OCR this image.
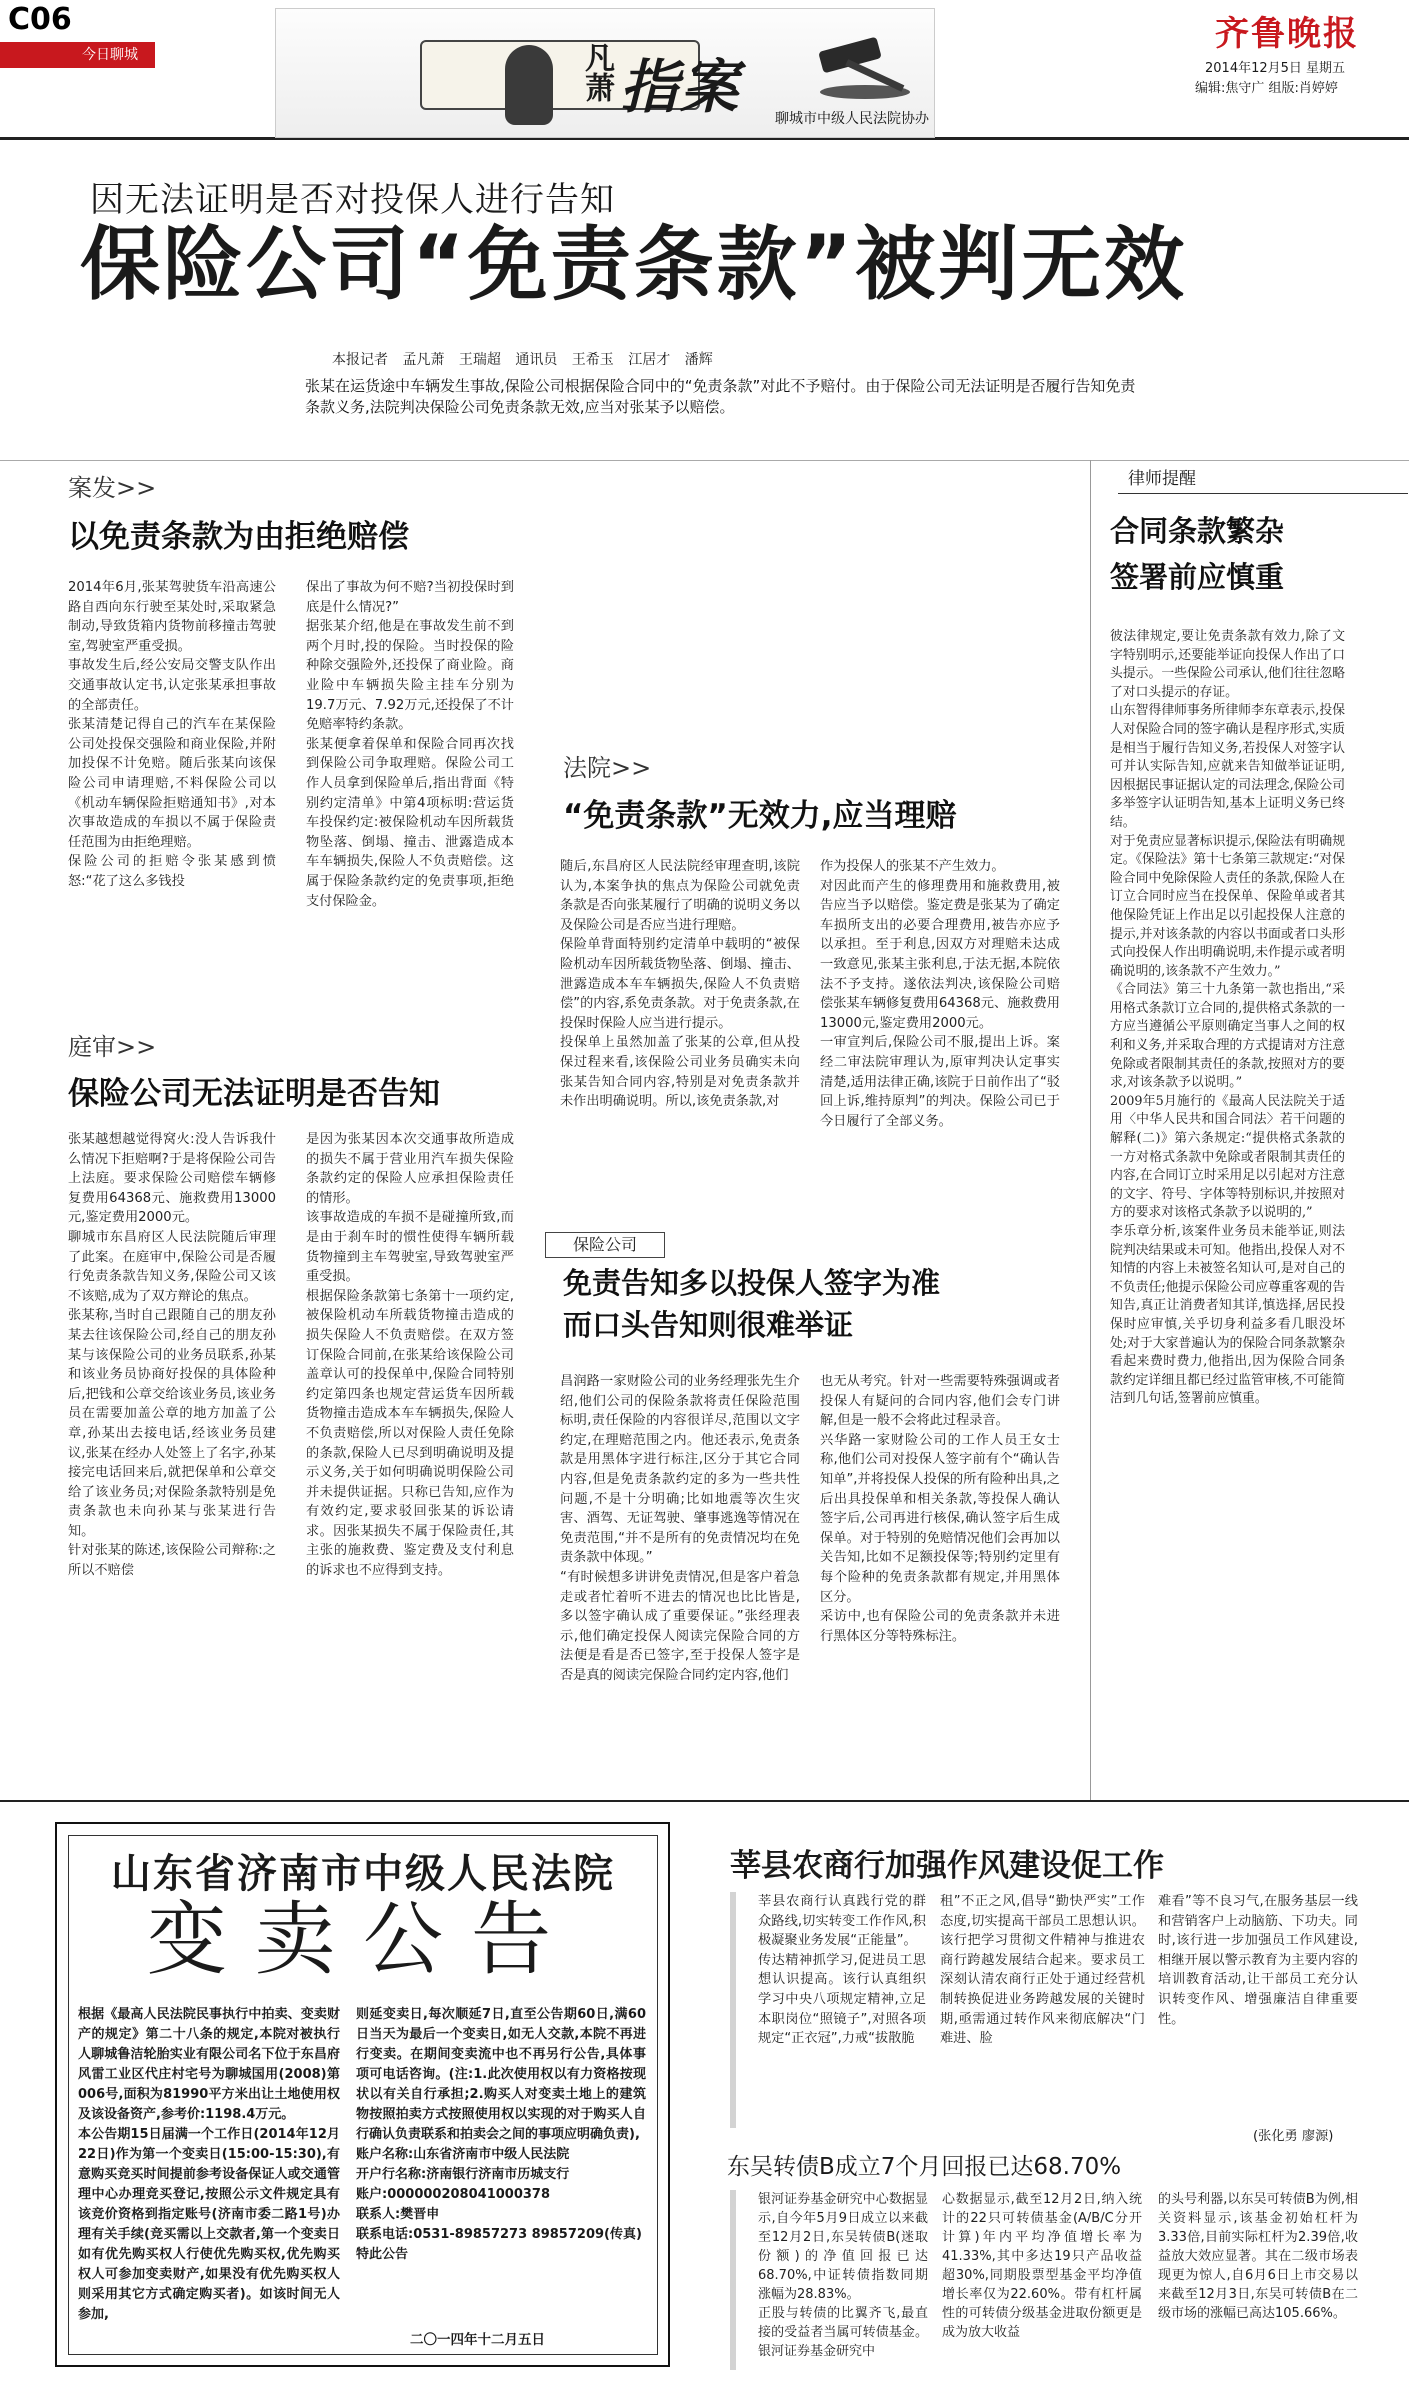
C06
今日聊城	凡萧 指案 聊城市中级人民法院协办
齐鲁晚报
2014年12月5日 星期五
编辑:焦守广 组版:肖婷婷
因无法证明是否对投保人进行告知
保险公司“免责条款”被判无效
本报记者 孟凡萧 王瑞超 通讯员 王希玉 江居才 潘辉
张某在运货途中车辆发生事故,保险公司根据保险合同中的“免责条款”对此不予赔付。由于保险公司无法证明是否履行告知免责条款义务,法院判决保险公司免责条款无效,应当对张某予以赔偿。
案发>>
以免责条款为由拒绝赔偿
2014年6月,张某驾驶货车沿高速公路自西向东行驶至某处时,采取紧急制动,导致货箱内货物前移撞击驾驶室,驾驶室严重受损。
事故发生后,经公安局交警支队作出交通事故认定书,认定张某承担事故的全部责任。
张某清楚记得自己的汽车在某保险公司处投保交强险和商业保险,并附加投保不计免赔。随后张某向该保险公司申请理赔,不料保险公司以《机动车辆保险拒赔通知书》,对本次事故造成的车损以不属于保险责任范围为由拒绝理赔。
保险公司的拒赔令张某感到愤怒:“花了这么多钱投
保出了事故为何不赔?当初投保时到底是什么情况?”
据张某介绍,他是在事故发生前不到两个月时,投的保险。当时投保的险种除交强险外,还投保了商业险。商业险中车辆损失险主挂车分别为19.7万元、7.92万元,还投保了不计免赔率特约条款。
张某便拿着保单和保险合同再次找到保险公司争取理赔。保险公司工作人员拿到保险单后,指出背面《特别约定清单》中第4项标明:营运货车投保约定:被保险机动车因所载货物坠落、倒塌、撞击、泄露造成本车车辆损失,保险人不负责赔偿。这属于保险条款约定的免责事项,拒绝支付保险金。
庭审>>
保险公司无法证明是否告知
张某越想越觉得窝火:没人告诉我什么情况下拒赔啊?于是将保险公司告上法庭。要求保险公司赔偿车辆修复费用64368元、施救费用13000元,鉴定费用2000元。
聊城市东昌府区人民法院随后审理了此案。在庭审中,保险公司是否履行免责条款告知义务,保险公司又该不该赔,成为了双方辩论的焦点。
张某称,当时自己跟随自己的朋友孙某去往该保险公司,经自己的朋友孙某与该保险公司的业务员联系,孙某和该业务员协商好投保的具体险种后,把钱和公章交给该业务员,该业务员在需要加盖公章的地方加盖了公章,孙某出去接电话,经该业务员建议,张某在经办人处签上了名字,孙某接完电话回来后,就把保单和公章交给了该业务员;对保险条款特别是免责条款也未向孙某与张某进行告知。
针对张某的陈述,该保险公司辩称:之所以不赔偿
是因为张某因本次交通事故所造成的损失不属于营业用汽车损失保险条款约定的保险人应承担保险责任的情形。
该事故造成的车损不是碰撞所致,而是由于刹车时的惯性使得车辆所载货物撞到主车驾驶室,导致驾驶室严重受损。
根据保险条款第七条第十一项约定,被保险机动车所载货物撞击造成的损失保险人不负责赔偿。在双方签订保险合同前,在张某给该保险公司盖章认可的投保单中,保险合同特别约定第四条也规定营运货车因所载货物撞击造成本车车辆损失,保险人不负责赔偿,所以对保险人责任免除的条款,保险人已尽到明确说明及提示义务,关于如何明确说明保险公司并未提供证据。只称已告知,应作为有效约定,要求驳回张某的诉讼请求。因张某损失不属于保险责任,其主张的施救费、鉴定费及支付利息的诉求也不应得到支持。
法院>>
“免责条款”无效力,应当理赔
随后,东昌府区人民法院经审理查明,该院认为,本案争执的焦点为保险公司就免责条款是否向张某履行了明确的说明义务以及保险公司是否应当进行理赔。
保险单背面特别约定清单中载明的“被保险机动车因所载货物坠落、倒塌、撞击、泄露造成本车车辆损失,保险人不负责赔偿”的内容,系免责条款。对于免责条款,在投保时保险人应当进行提示。
投保单上虽然加盖了张某的公章,但从投保过程来看,该保险公司业务员确实未向张某告知合同内容,特别是对免责条款并未作出明确说明。所以,该免责条款,对
作为投保人的张某不产生效力。
对因此而产生的修理费用和施救费用,被告应当予以赔偿。鉴定费是张某为了确定车损所支出的必要合理费用,被告亦应予以承担。至于利息,因双方对理赔未达成一致意见,张某主张利息,于法无据,本院依法不予支持。遂依法判决,该保险公司赔偿张某车辆修复费用64368元、施救费用13000元,鉴定费用2000元。
一审宣判后,保险公司不服,提出上诉。案经二审法院审理认为,原审判决认定事实清楚,适用法律正确,该院于日前作出了“驳回上诉,维持原判”的判决。保险公司已于今日履行了全部义务。
保险公司
免责告知多以投保人签字为准
而口头告知则很难举证
昌润路一家财险公司的业务经理张先生介绍,他们公司的保险条款将责任保险范围标明,责任保险的内容很详尽,范围以文字约定,在理赔范围之内。他还表示,免责条款是用黑体字进行标注,区分于其它合同内容,但是免责条款约定的多为一些共性问题,不是十分明确;比如地震等次生灾害、酒驾、无证驾驶、肇事逃逸等情况在免责范围,“并不是所有的免责情况均在免责条款中体现。”
“有时候想多讲讲免责情况,但是客户着急走或者忙着听不进去的情况也比比皆是,多以签字确认成了重要保证。”张经理表示,他们确定投保人阅读完保险合同的方法便是看是否已签字,至于投保人签字是否是真的阅读完保险合同约定内容,他们
也无从考究。针对一些需要特殊强调或者投保人有疑问的合同内容,他们会专门讲解,但是一般不会将此过程录音。
兴华路一家财险公司的工作人员王女士称,他们公司对投保人签字前有个“确认告知单”,并将投保人投保的所有险种出具,之后出具投保单和相关条款,等投保人确认签字后,公司再进行核保,确认签字后生成保单。对于特别的免赔情况他们会再加以关告知,比如不足额投保等;特别约定里有每个险种的免责条款都有规定,并用黑体区分。
采访中,也有保险公司的免责条款并未进行黑体区分等特殊标注。
律师提醒
合同条款繁杂
签署前应慎重
彼法律规定,要让免责条款有效力,除了文字特别明示,还要能举证向投保人作出了口头提示。一些保险公司承认,他们往往忽略了对口头提示的存证。
山东智得律师事务所律师李东章表示,投保人对保险合同的签字确认是程序形式,实质是相当于履行告知义务,若投保人对签字认可并认实际告知,应就来告知做举证证明,因根据民事证据认定的司法理念,保险公司多举签字认证明告知,基本上证明义务已终结。
对于免责应显著标识提示,保险法有明确规定。《保险法》第十七条第三款规定:“对保险合同中免除保险人责任的条款,保险人在订立合同时应当在投保单、保险单或者其他保险凭证上作出足以引起投保人注意的提示,并对该条款的内容以书面或者口头形式向投保人作出明确说明,未作提示或者明确说明的,该条款不产生效力。”
《合同法》第三十九条第一款也指出,“采用格式条款订立合同的,提供格式条款的一方应当遵循公平原则确定当事人之间的权利和义务,并采取合理的方式提请对方注意免除或者限制其责任的条款,按照对方的要求,对该条款予以说明。”
2009年5月施行的《最高人民法院关于适用〈中华人民共和国合同法〉若干问题的解释(二)》第六条规定:“提供格式条款的一方对格式条款中免除或者限制其责任的内容,在合同订立时采用足以引起对方注意的文字、符号、字体等特别标识,并按照对方的要求对该格式条款予以说明的,”
李乐章分析,该案件业务员未能举证,则法院判决结果或未可知。他指出,投保人对不知情的内容上未被签名知认可,是对自己的不负责任;他提示保险公司应尊重客观的告知告,真正让消费者知其详,慎选择,居民投保时应审慎,关乎切身利益多看几眼没坏处;对于大家普遍认为的保险合同条款繁杂看起来费时费力,他指出,因为保险合同条款约定详细且都已经过监管审核,不可能简洁到几句话,签署前应慎重。
山东省济南市中级人民法院
变卖公告
根据《最高人民法院民事执行中拍卖、变卖财产的规定》第二十八条的规定,本院对被执行人聊城鲁洁轮胎实业有限公司名下位于东昌府风雷工业区代庄村宅号为聊城国用(2008)第006号,面积为81990平方米出让土地使用权及该设备资产,参考价:1198.4万元。
本公告期15日届满一个工作日(2014年12月22日)作为第一个变卖日(15:00-15:30),有意购买竞买时间提前参考设备保证人或交通管理中心办理竞买登记,按照公示文件规定具有该竞价资格到指定账号(济南市委二路1号)办理有关手续(竞买需以上交款者,第一个变卖日如有优先购买权人行使优先购买权,优先购买权人可参加变卖财产,如果没有优先购买权人则采用其它方式确定购买者)。如该时间无人参加,
则延变卖日,每次顺延7日,直至公告期60日,满60日当天为最后一个变卖日,如无人交款,本院不再进行变卖。在期间变卖流中也不再另行公告,具体事项可电话咨询。(注:1.此次使用权以有力资格按现状以有关自行承担;2.购买人对变卖土地上的建筑物按照拍卖方式按照使用权以实现的对于购买人自行确认负责联系和拍卖会之间的事项应明确负责),
账户名称:山东省济南市中级人民法院
开户行名称:济南银行济南市历城支行
账户:000000208041000378
联系人:樊晋申
联系电话:0531-89857273 89857209(传真)
特此公告
二〇一四年十二月五日
莘县农商行加强作风建设促工作
莘县农商行认真践行党的群众路线,切实转变工作作风,积极凝聚业务发展“正能量”。
传达精神抓学习,促进员工思想认识提高。该行认真组织学习中央八项规定精神,立足本职岗位“照镜子”,对照各项规定“正衣冠”,力戒“拔散脆
租”不正之风,倡导“勤快严实”工作态度,切实提高干部员工思想认识。该行把学习贯彻文件精神与推进农商行跨越发展结合起来。要求员工深刻认清农商行正处于通过经营机制转换促进业务跨越发展的关键时期,亟需通过转作风来彻底解决“门难进、脸
难看”等不良习气,在服务基层一线和营销客户上动脑筋、下功夫。同时,该行进一步加强员工作风建设,相继开展以警示教育为主要内容的培训教育活动,让干部员工充分认识转变作风、增强廉洁自律重要性。
(张化勇 廖源)
东吴转债B成立7个月回报已达68.70%
银河证券基金研究中心数据显示,自今年5月9日成立以来截至12月2日,东吴转债B(迷取份额)的净值回报已达68.70%,中证转债指数同期涨幅为28.83%。
正股与转债的比翼齐飞,最直接的受益者当属可转债基金。银河证券基金研究中
心数据显示,截至12月2日,纳入统计的22只可转债基金(A/B/C分开计算)年内平均净值增长率为41.33%,其中多达19只产品收益超30%,同期股票型基金平均净值增长率仅为22.60%。带有杠杆属性的可转债分级基金进取份额更是成为放大收益
的头号利器,以东吴可转债B为例,相关资料显示,该基金初始杠杆为3.33倍,目前实际杠杆为2.39倍,收益放大效应显著。其在二级市场表现更为惊人,自6月6日上市交易以来截至12月3日,东吴可转债B在二级市场的涨幅已高达105.66%。
